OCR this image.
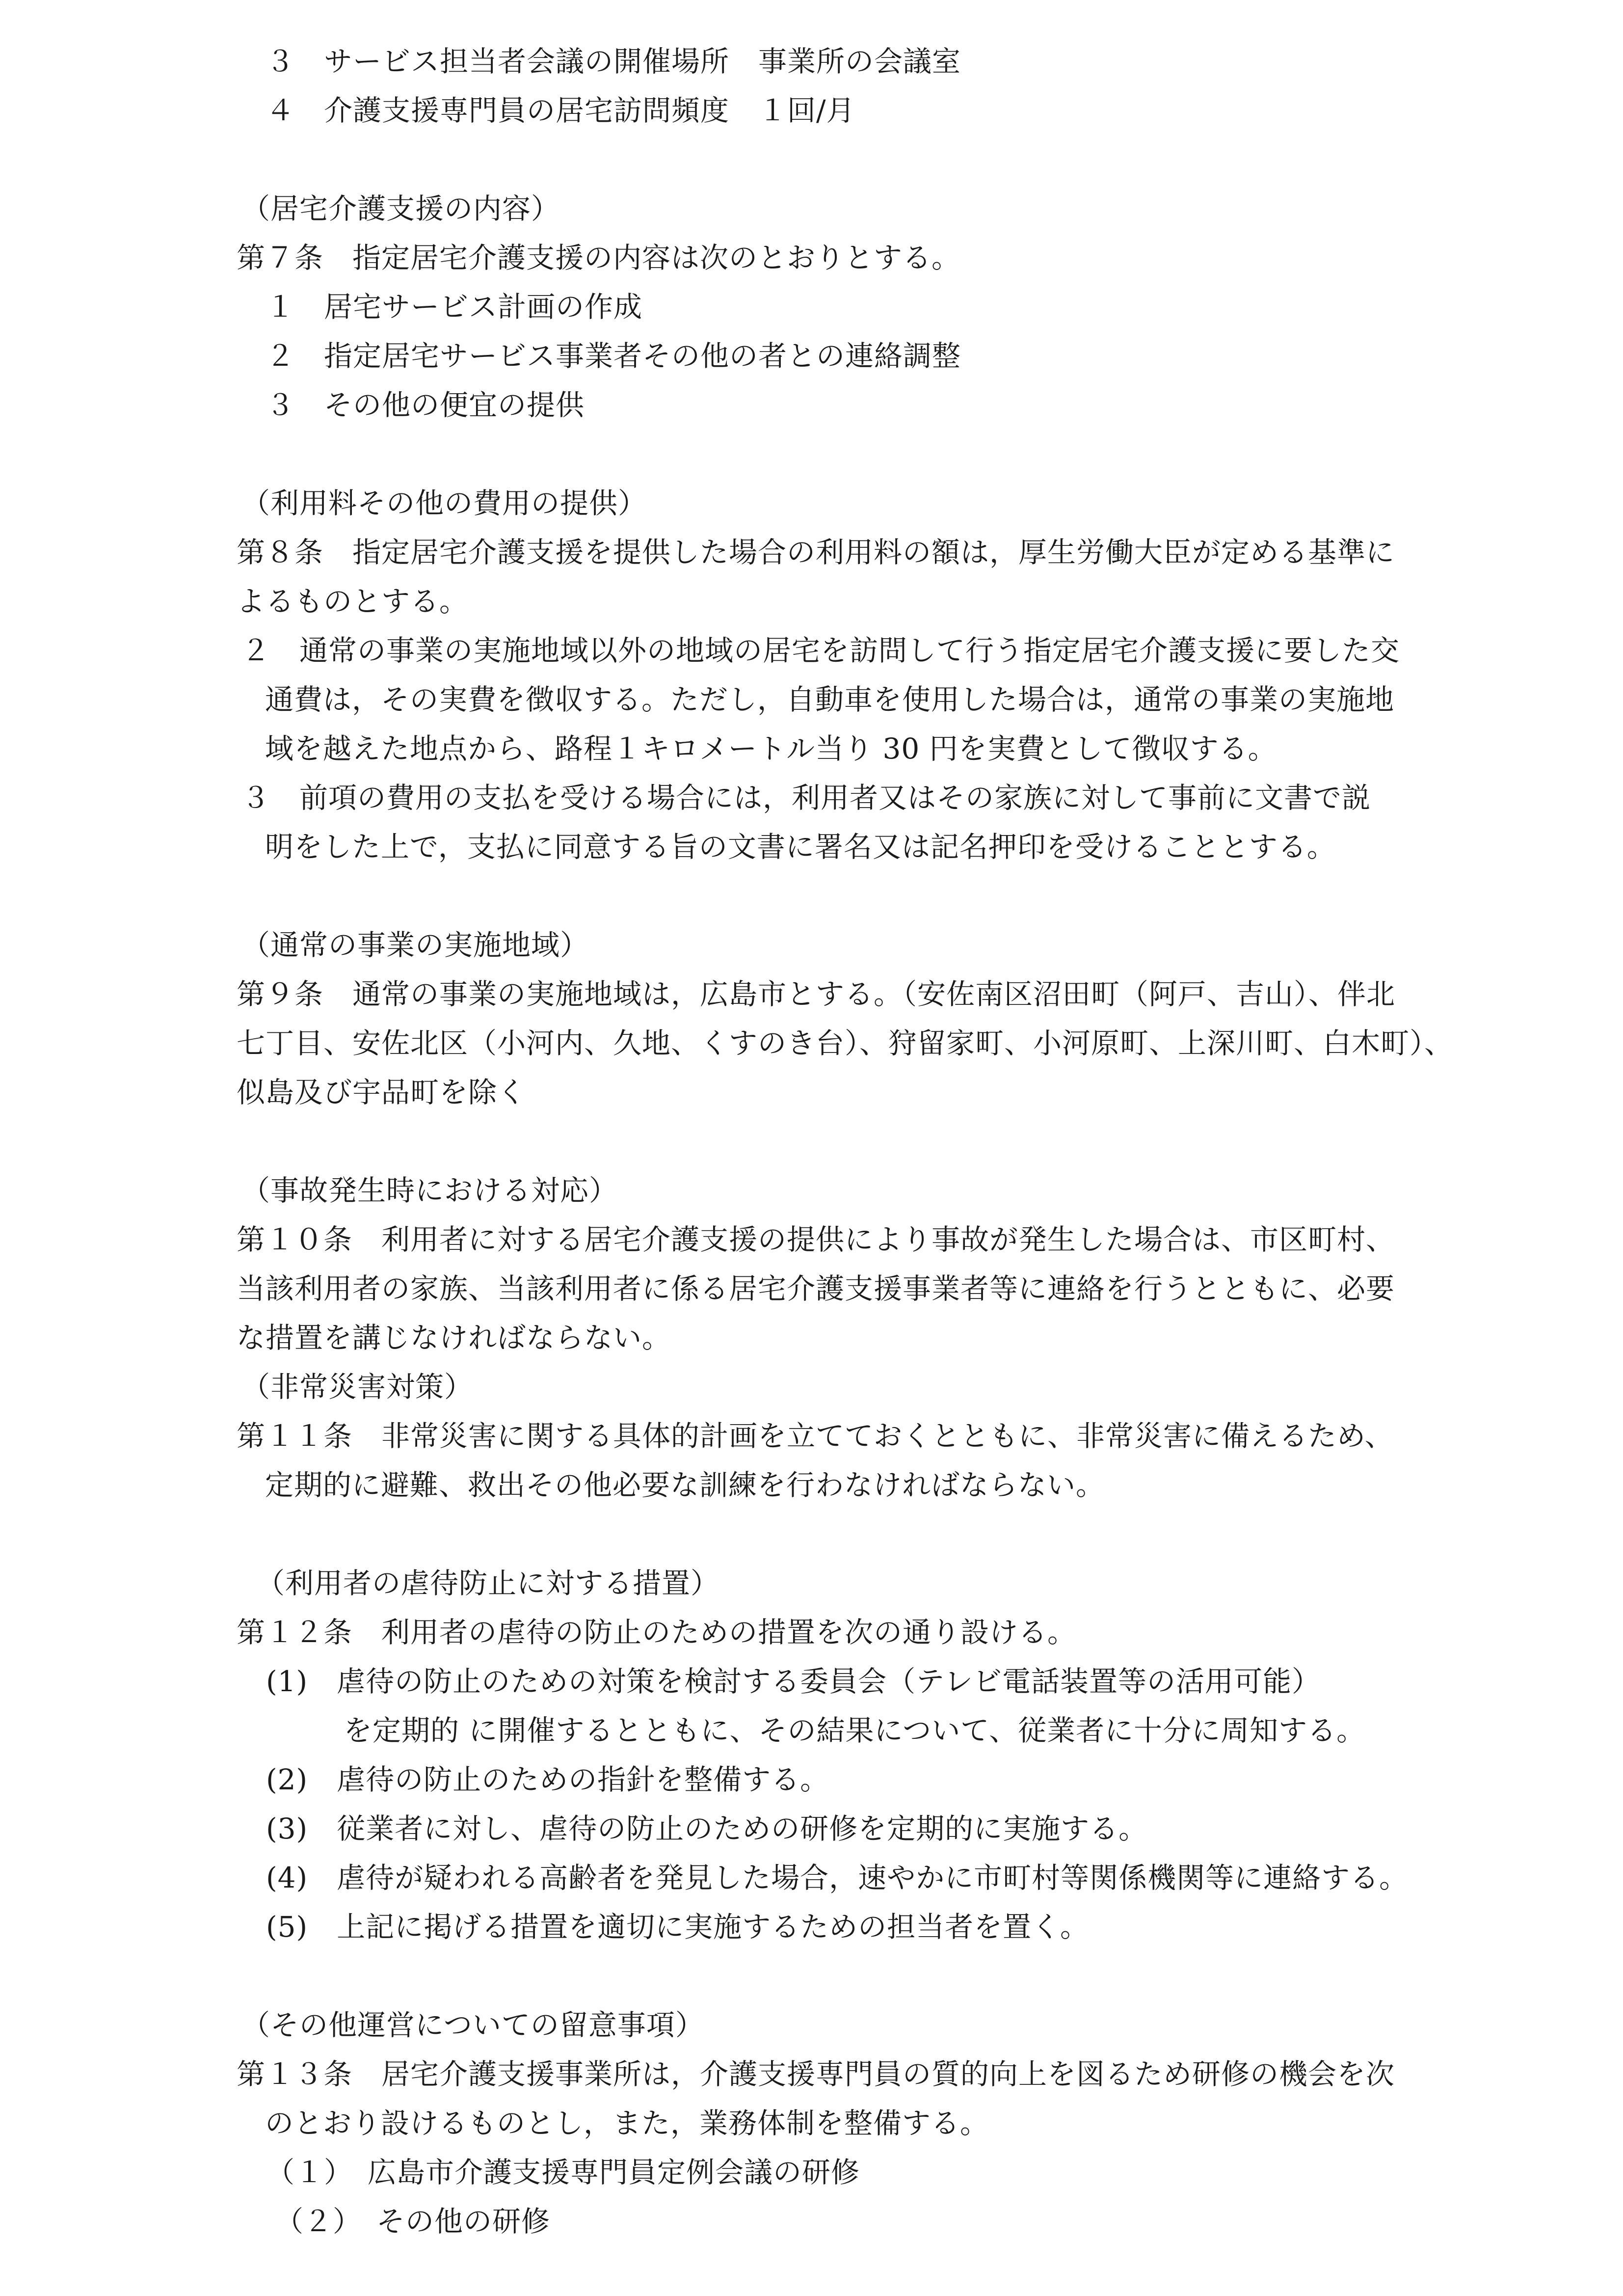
３　サービス担当者会議の開催場所　事業所の会議室
４　介護支援専門員の居宅訪問頻度　１回/月
（居宅介護支援の内容）
第７条　指定居宅介護支援の内容は次のとおりとする。
１　居宅サービス計画の作成
２　指定居宅サービス事業者その他の者との連絡調整
３　その他の便宜の提供
（利用料その他の費用の提供）
第８条　指定居宅介護支援を提供した場合の利用料の額は，厚生労働大臣が定める基準に
よるものとする。
２　通常の事業の実施地域以外の地域の居宅を訪問して行う指定居宅介護支援に要した交
通費は，その実費を徴収する。ただし，自動車を使用した場合は，通常の事業の実施地
域を越えた地点から、路程１キロメートル当り 30 円を実費として徴収する。
３　前項の費用の支払を受ける場合には，利用者又はその家族に対して事前に文書で説
明をした上で，支払に同意する旨の文書に署名又は記名押印を受けることとする。
（通常の事業の実施地域）
第９条　通常の事業の実施地域は，広島市とする。（安佐南区沼田町（阿戸、吉山）、伴北
七丁目、安佐北区（小河内、久地、くすのき台）、狩留家町、小河原町、上深川町、白木町）、
似島及び宇品町を除く
（事故発生時における対応）
第１０条　利用者に対する居宅介護支援の提供により事故が発生した場合は、市区町村、
当該利用者の家族、当該利用者に係る居宅介護支援事業者等に連絡を行うとともに、必要
な措置を講じなければならない。
（非常災害対策）
第１１条　非常災害に関する具体的計画を立てておくとともに、非常災害に備えるため、
定期的に避難、救出その他必要な訓練を行わなければならない。
（利用者の虐待防止に対する措置）
第１２条　利用者の虐待の防止のための措置を次の通り設ける。
(1)　虐待の防止のための対策を検討する委員会（テレビ電話装置等の活用可能）
を定期的 に開催するとともに、その結果について、従業者に十分に周知する。
(2)　虐待の防止のための指針を整備する。
(3)　従業者に対し、虐待の防止のための研修を定期的に実施する。
(4)　虐待が疑われる高齢者を発見した場合，速やかに市町村等関係機関等に連絡する。
(5)　上記に掲げる措置を適切に実施するための担当者を置く。
（その他運営についての留意事項）
第１３条　居宅介護支援事業所は，介護支援専門員の質的向上を図るため研修の機会を次
のとおり設けるものとし，また，業務体制を整備する。
（１）　広島市介護支援専門員定例会議の研修
（２）　その他の研修
